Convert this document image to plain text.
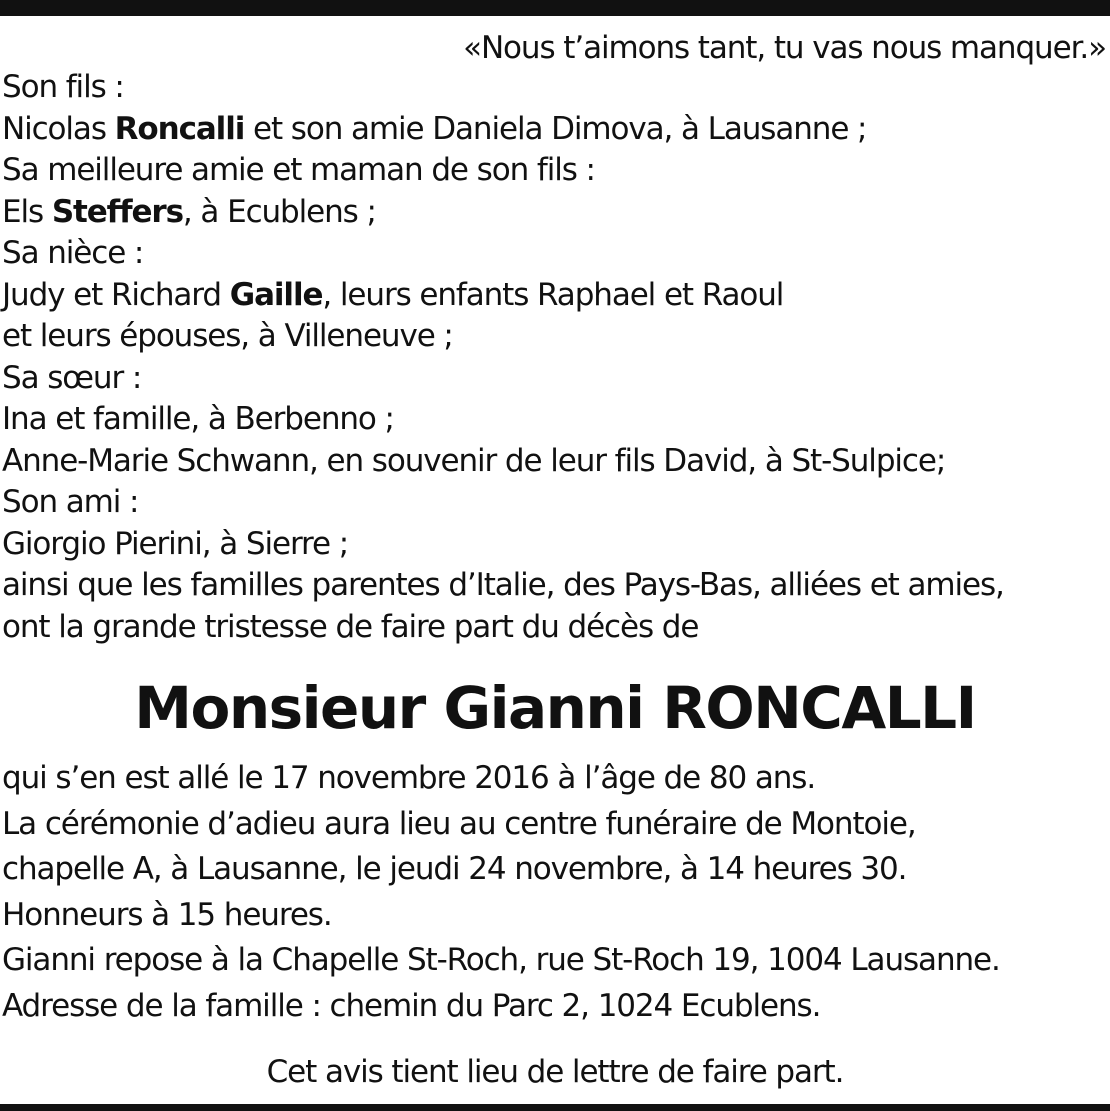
«Nous t’aimons tant, tu vas nous manquer.»
Son fils :
Nicolas Roncalli et son amie Daniela Dimova, à Lausanne ;
Sa meilleure amie et maman de son fils :
Els Steffers, à Ecublens ;
Sa nièce :
Judy et Richard Gaille, leurs enfants Raphael et Raoul
et leurs épouses, à Villeneuve ;
Sa sœur :
Ina et famille, à Berbenno ;
Anne-Marie Schwann, en souvenir de leur fils David, à St-Sulpice;
Son ami :
Giorgio Pierini, à Sierre ;
ainsi que les familles parentes d’Italie, des Pays-Bas, alliées et amies,
ont la grande tristesse de faire part du décès de
Monsieur Gianni RONCALLI
qui s’en est allé le 17 novembre 2016 à l’âge de 80 ans.
La cérémonie d’adieu aura lieu au centre funéraire de Montoie,
chapelle A, à Lausanne, le jeudi 24 novembre, à 14 heures 30.
Honneurs à 15 heures.
Gianni repose à la Chapelle St-Roch, rue St-Roch 19, 1004 Lausanne.
Adresse de la famille : chemin du Parc 2, 1024 Ecublens.
Cet avis tient lieu de lettre de faire part.
